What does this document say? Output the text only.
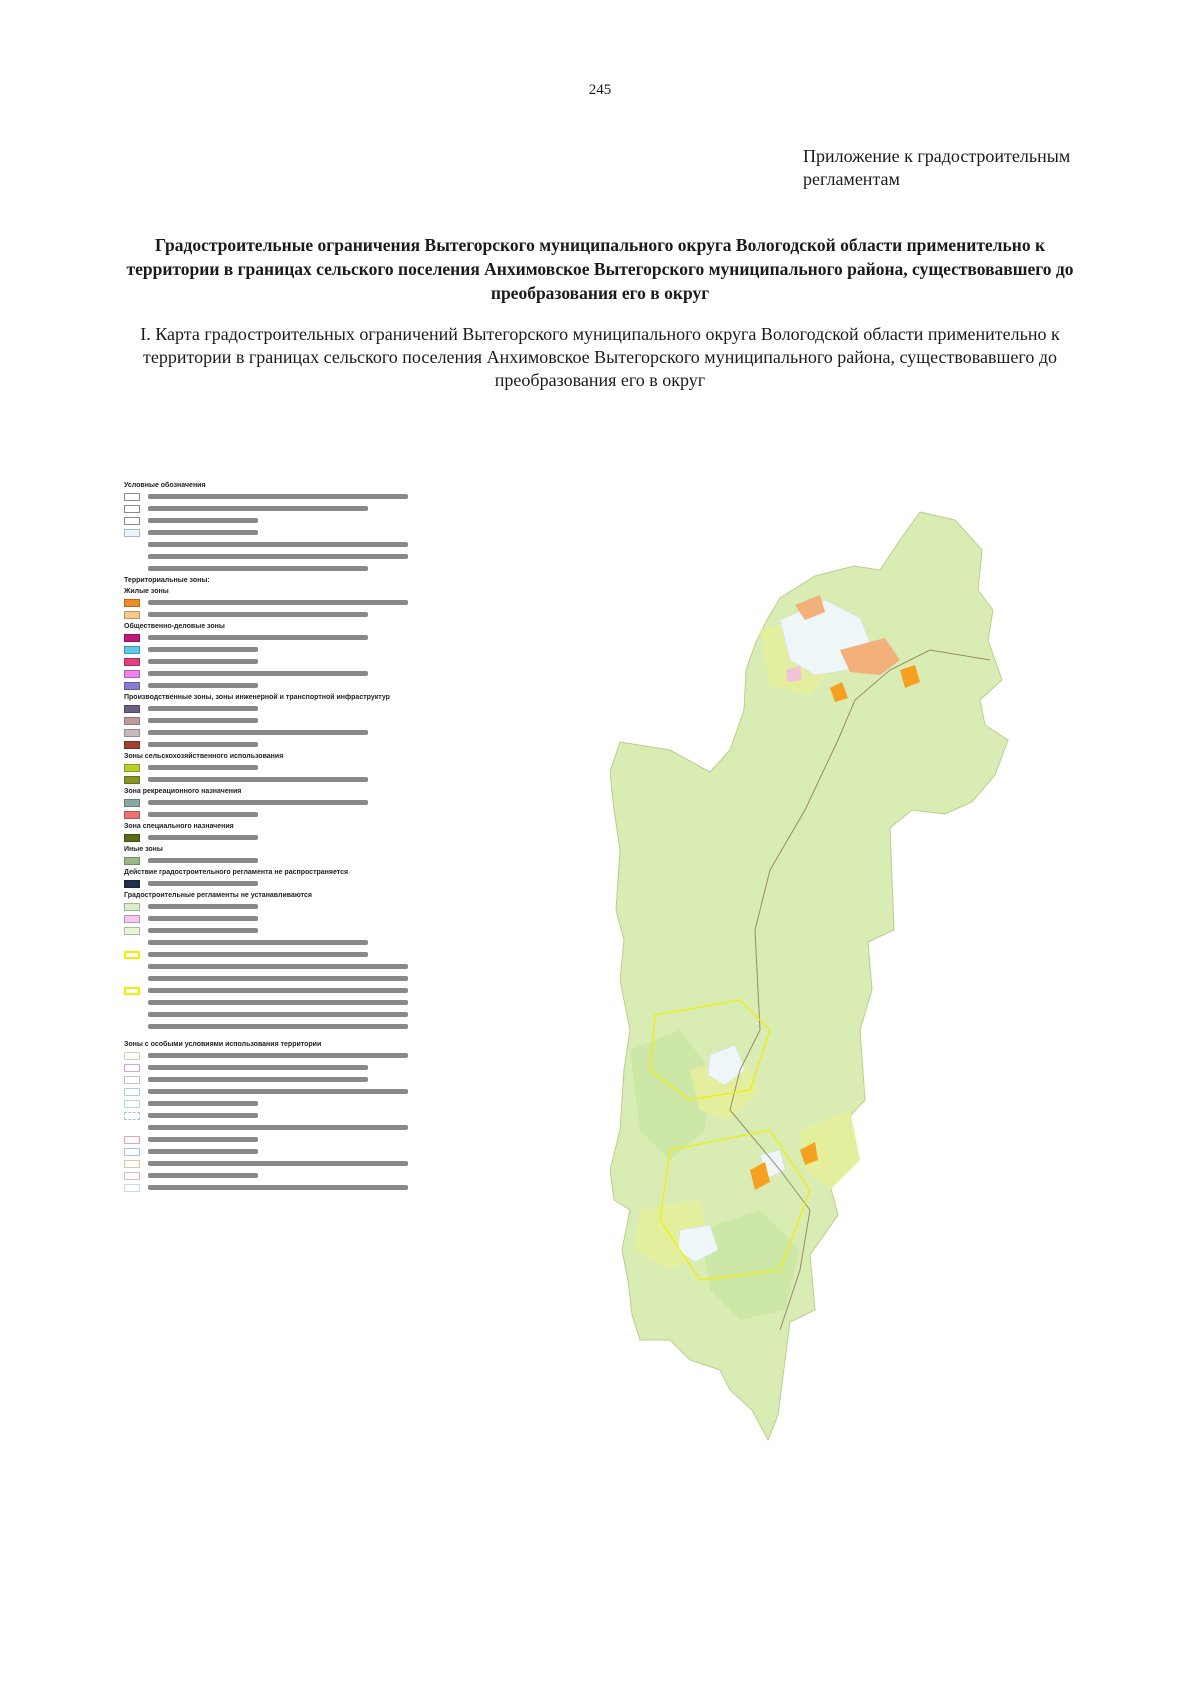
245
Приложение к градостроительным
регламентам
Градостроительные ограничения Вытегорского муниципального округа Вологодской области применительно к
территории в границах сельского поселения Анхимовское Вытегорского муниципального района, существовавшего до
преобразования его в округ
I. Карта градостроительных ограничений Вытегорского муниципального округа Вологодской области применительно к
территории в границах сельского поселения Анхимовское Вытегорского муниципального района, существовавшего до
преобразования его в округ
Условные обозначения
Территориальные зоны:
Жилые зоны
Общественно-деловые зоны
Производственные зоны, зоны инженерной и транспортной инфраструктур
Зоны сельскохозяйственного использования
Зона рекреационного назначения
Зона специального назначения
Иные зоны
Действие градостроительного регламента не распространяется
Градостроительные регламенты не устанавливаются
Зоны с особыми условиями использования территории
